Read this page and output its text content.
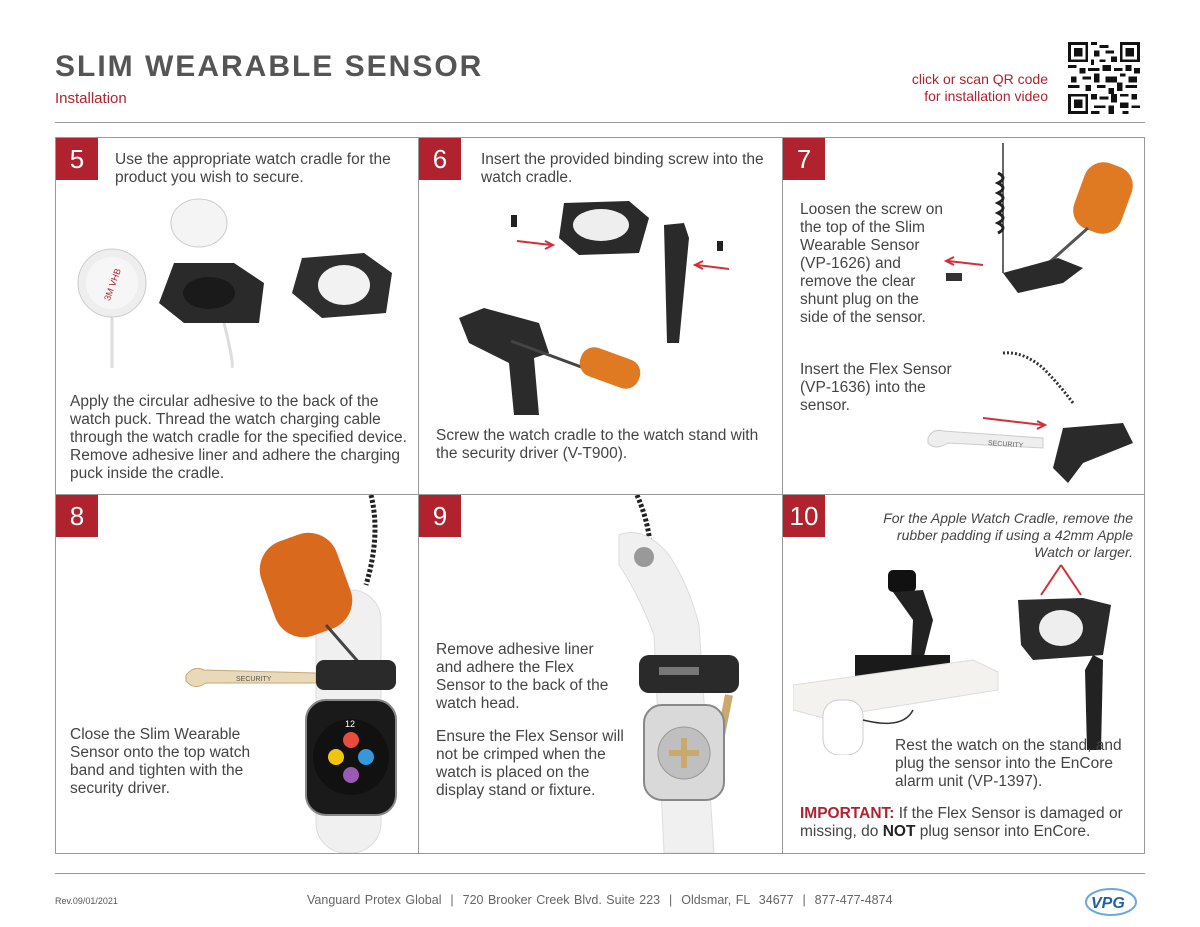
SLIM WEARABLE SENSOR
Installation
click or scan QR code
for installation video
5	Use the appropriate watch cradle for the product you wish to secure.
3M VHB
Apply the circular adhesive to the back of the watch puck. Thread the watch charging cable through the watch cradle for the specified device. Remove adhesive liner and adhere the charging puck inside the cradle.
6	Insert the provided binding screw into the watch cradle.
Screw the watch cradle to the watch stand with the security driver (V-T900).
7
Loosen the screw on the top of the Slim Wearable Sensor (VP-1626) and remove the clear shunt plug on the side of the sensor.
Insert the Flex Sensor (VP-1636) into the sensor.
SECURITY
8
SECURITY
12
Close the Slim Wearable Sensor onto the top watch band and tighten with the security driver.
9
Remove adhesive liner and adhere the Flex Sensor to the back of the watch head.
Ensure the Flex Sensor will not be crimped when the watch is placed on the display stand or fixture.
10	For the Apple Watch Cradle, remove the rubber padding if using a 42mm Apple Watch or larger.
Rest the watch on the stand, and plug the sensor into the EnCore alarm unit (VP-1397).
IMPORTANT: If the Flex Sensor is damaged or missing, do NOT plug sensor into EnCore.
Rev.09/01/2021	Vanguard Protex Global  |  720 Brooker Creek Blvd. Suite 223  |  Oldsmar, FL  34677  |  877-477-4874	VPG
